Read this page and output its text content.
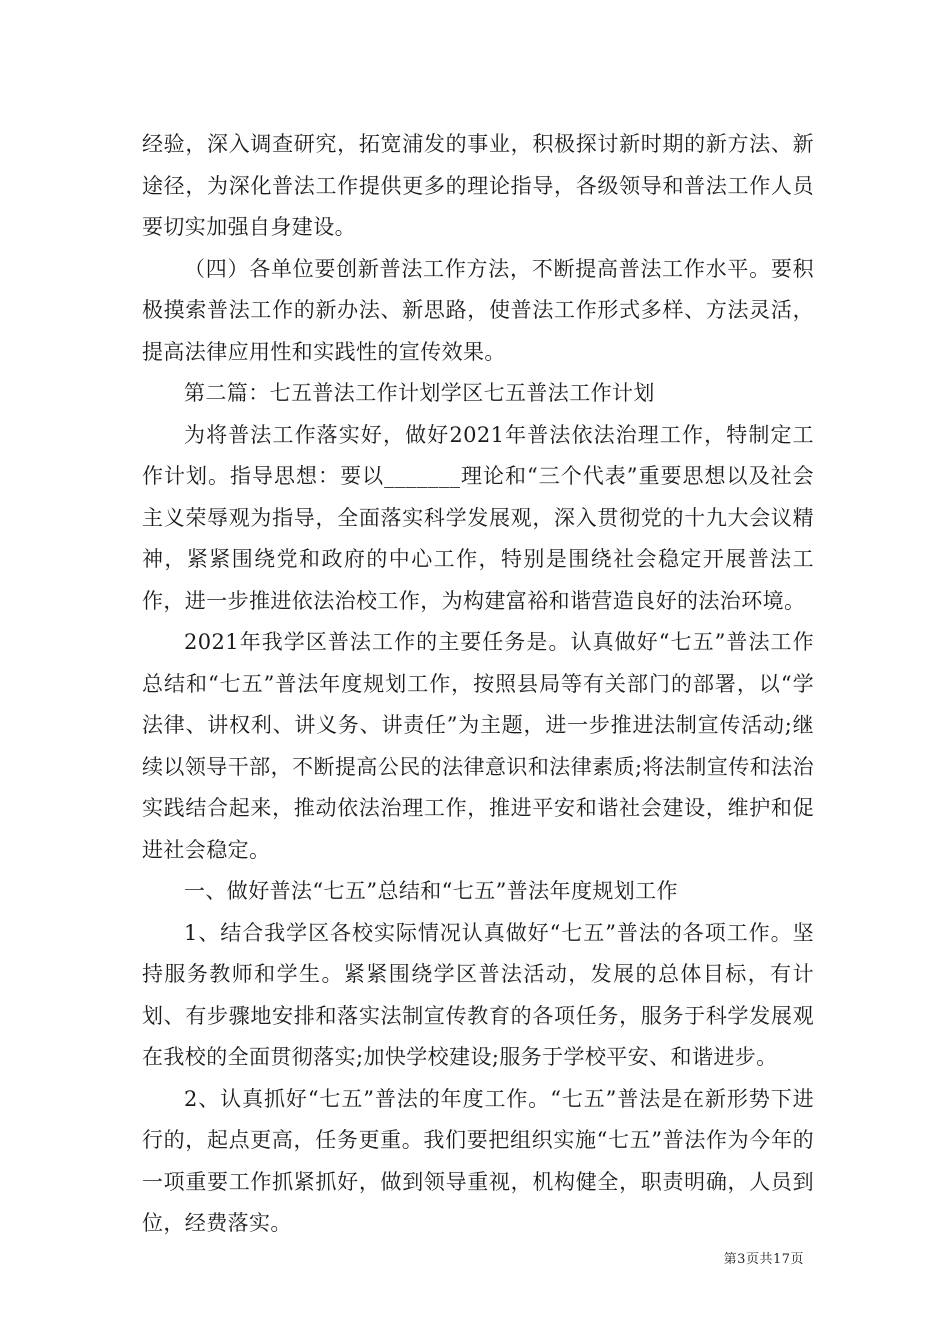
经验，深入调查研究，拓宽浦发的事业，积极探讨新时期的新方法、新途径，为深化普法工作提供更多的理论指导，各级领导和普法工作人员要切实加强自身建设。

（四）各单位要创新普法工作方法，不断提高普法工作水平。要积极摸索普法工作的新办法、新思路，使普法工作形式多样、方法灵活，提高法律应用性和实践性的宣传效果。

第二篇：七五普法工作计划学区七五普法工作计划

为将普法工作落实好，做好2021年普法依法治理工作，特制定工作计划。指导思想：要以_______理论和“三个代表”重要思想以及社会主义荣辱观为指导，全面落实科学发展观，深入贯彻党的十九大会议精神，紧紧围绕党和政府的中心工作，特别是围绕社会稳定开展普法工作，进一步推进依法治校工作，为构建富裕和谐营造良好的法治环境。

2021年我学区普法工作的主要任务是。认真做好“七五”普法工作总结和“七五”普法年度规划工作，按照县局等有关部门的部署，以“学法律、讲权利、讲义务、讲责任”为主题，进一步推进法制宣传活动;继续以领导干部，不断提高公民的法律意识和法律素质;将法制宣传和法治实践结合起来，推动依法治理工作，推进平安和谐社会建设，维护和促进社会稳定。

一、做好普法“七五”总结和“七五”普法年度规划工作

1、结合我学区各校实际情况认真做好“七五”普法的各项工作。坚持服务教师和学生。紧紧围绕学区普法活动，发展的总体目标，有计划、有步骤地安排和落实法制宣传教育的各项任务，服务于科学发展观在我校的全面贯彻落实;加快学校建设;服务于学校平安、和谐进步。

2、认真抓好“七五”普法的年度工作。“七五”普法是在新形势下进行的，起点更高，任务更重。我们要把组织实施“七五”普法作为今年的一项重要工作抓紧抓好，做到领导重视，机构健全，职责明确，人员到位，经费落实。

第3页共17页
